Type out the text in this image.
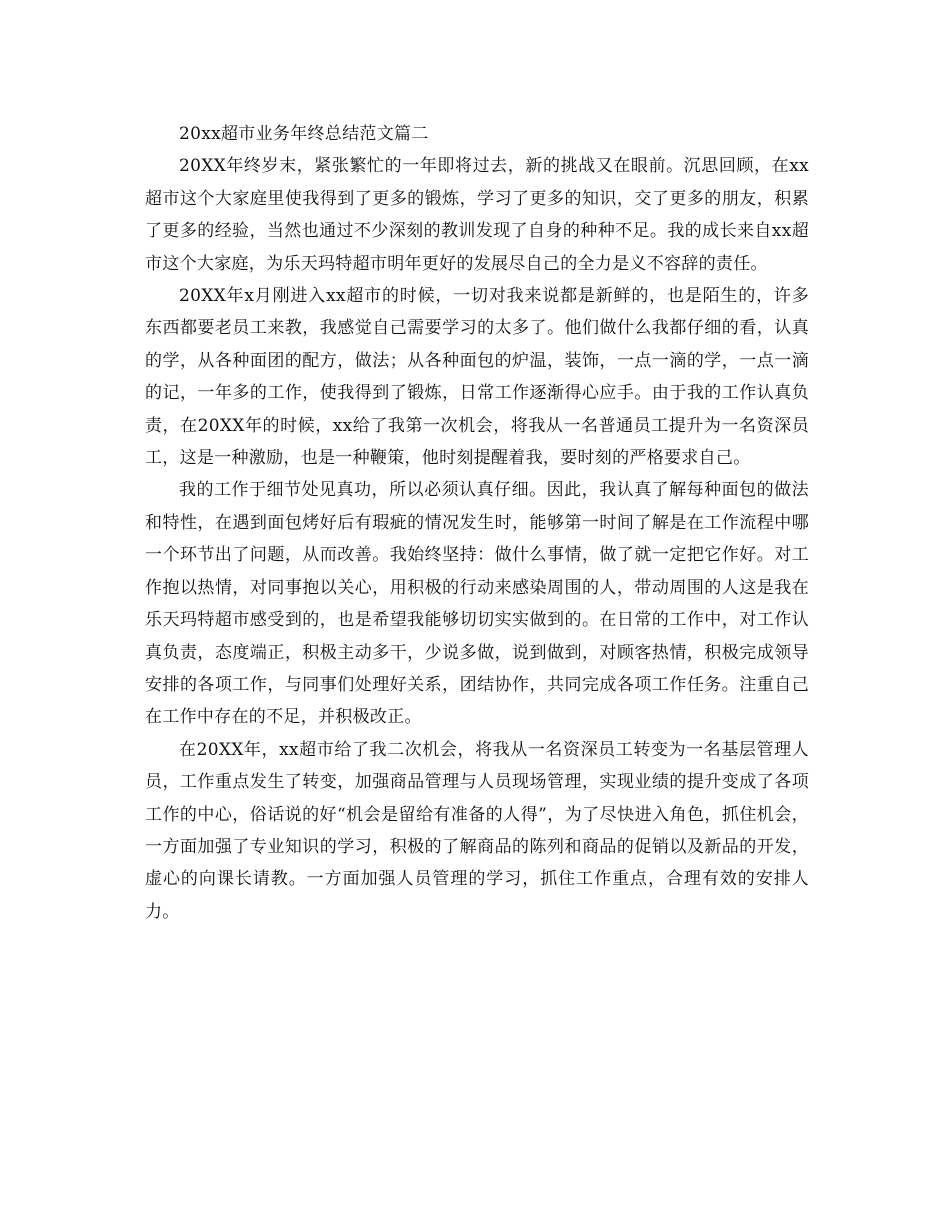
20xx超市业务年终总结范文篇二

20XX年终岁末，紧张繁忙的一年即将过去，新的挑战又在眼前。沉思回顾，在xx超市这个大家庭里使我得到了更多的锻炼，学习了更多的知识，交了更多的朋友，积累了更多的经验，当然也通过不少深刻的教训发现了自身的种种不足。我的成长来自xx超市这个大家庭，为乐天玛特超市明年更好的发展尽自己的全力是义不容辞的责任。

20XX年x月刚进入xx超市的时候，一切对我来说都是新鲜的，也是陌生的，许多东西都要老员工来教，我感觉自己需要学习的太多了。他们做什么我都仔细的看，认真的学，从各种面团的配方，做法；从各种面包的炉温，装饰，一点一滴的学，一点一滴的记，一年多的工作，使我得到了锻炼，日常工作逐渐得心应手。由于我的工作认真负责，在20XX年的时候，xx给了我第一次机会，将我从一名普通员工提升为一名资深员工，这是一种激励，也是一种鞭策，他时刻提醒着我，要时刻的严格要求自己。

我的工作于细节处见真功，所以必须认真仔细。因此，我认真了解每种面包的做法和特性，在遇到面包烤好后有瑕疵的情况发生时，能够第一时间了解是在工作流程中哪一个环节出了问题，从而改善。我始终坚持：做什么事情，做了就一定把它作好。对工作抱以热情，对同事抱以关心，用积极的行动来感染周围的人，带动周围的人这是我在乐天玛特超市感受到的，也是希望我能够切切实实做到的。在日常的工作中，对工作认真负责，态度端正，积极主动多干，少说多做，说到做到，对顾客热情，积极完成领导安排的各项工作，与同事们处理好关系，团结协作，共同完成各项工作任务。注重自己在工作中存在的不足，并积极改正。

在20XX年，xx超市给了我二次机会，将我从一名资深员工转变为一名基层管理人员，工作重点发生了转变，加强商品管理与人员现场管理，实现业绩的提升变成了各项工作的中心，俗话说的好“机会是留给有准备的人得”，为了尽快进入角色，抓住机会，一方面加强了专业知识的学习，积极的了解商品的陈列和商品的促销以及新品的开发，虚心的向课长请教。一方面加强人员管理的学习，抓住工作重点，合理有效的安排人力。
